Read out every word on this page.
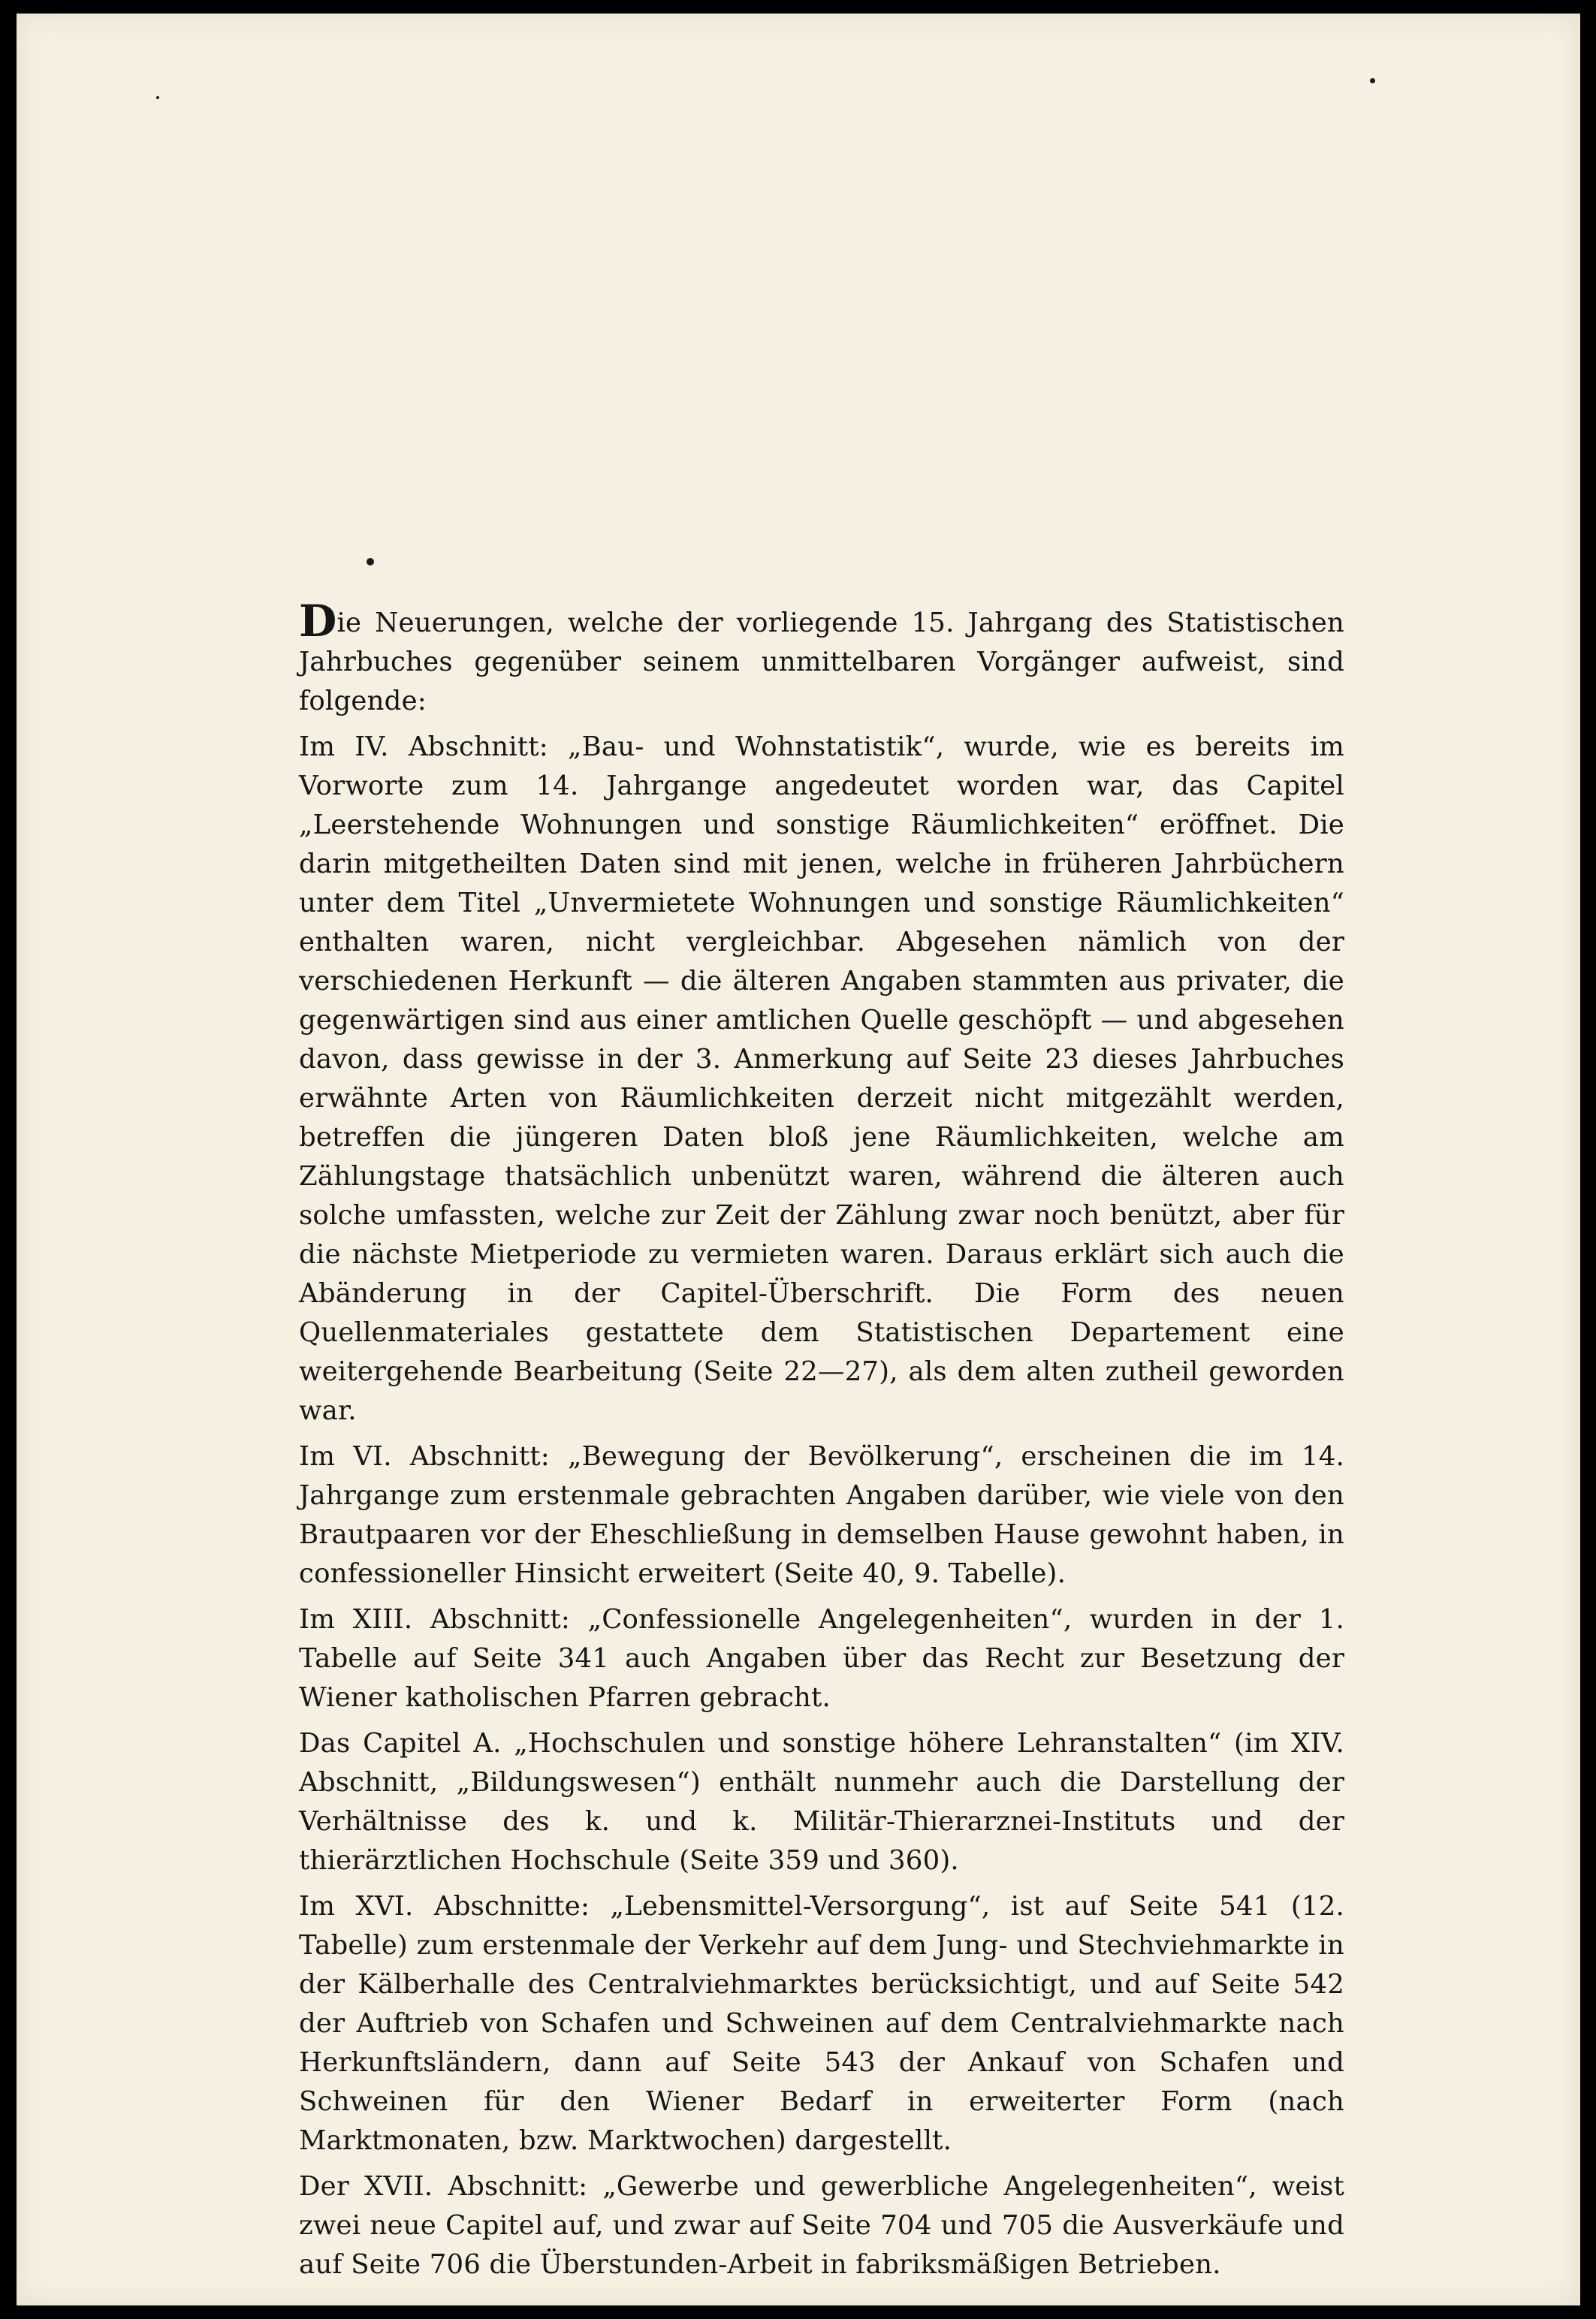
Die Neuerungen, welche der vorliegende 15. Jahrgang des Statistischen Jahrbuches gegenüber seinem unmittelbaren Vorgänger aufweist, sind folgende:

Im IV. Abschnitt: „Bau- und Wohnstatistik“, wurde, wie es bereits im Vorworte zum 14. Jahrgange angedeutet worden war, das Capitel „Leerstehende Wohnungen und sonstige Räumlichkeiten“ eröffnet. Die darin mitgetheilten Daten sind mit jenen, welche in früheren Jahrbüchern unter dem Titel „Unvermietete Wohnungen und sonstige Räumlichkeiten“ enthalten waren, nicht vergleichbar. Abgesehen nämlich von der verschiedenen Herkunft — die älteren Angaben stammten aus privater, die gegenwärtigen sind aus einer amtlichen Quelle geschöpft — und abgesehen davon, dass gewisse in der 3. Anmerkung auf Seite 23 dieses Jahrbuches erwähnte Arten von Räumlichkeiten derzeit nicht mitgezählt werden, betreffen die jüngeren Daten bloß jene Räumlichkeiten, welche am Zählungstage thatsächlich unbenützt waren, während die älteren auch solche umfassten, welche zur Zeit der Zählung zwar noch benützt, aber für die nächste Mietperiode zu vermieten waren. Daraus erklärt sich auch die Abänderung in der Capitel-Überschrift. Die Form des neuen Quellenmateriales gestattete dem Statistischen Departement eine weitergehende Bearbeitung (Seite 22—27), als dem alten zutheil geworden war.

Im VI. Abschnitt: „Bewegung der Bevölkerung“, erscheinen die im 14. Jahrgange zum erstenmale gebrachten Angaben darüber, wie viele von den Brautpaaren vor der Eheschließung in demselben Hause gewohnt haben, in confessioneller Hinsicht erweitert (Seite 40, 9. Tabelle).

Im XIII. Abschnitt: „Confessionelle Angelegenheiten“, wurden in der 1. Tabelle auf Seite 341 auch Angaben über das Recht zur Besetzung der Wiener katholischen Pfarren gebracht.

Das Capitel A. „Hochschulen und sonstige höhere Lehranstalten“ (im XIV. Abschnitt, „Bildungswesen“) enthält nunmehr auch die Darstellung der Verhältnisse des k. und k. Militär-Thierarznei-Instituts und der thierärztlichen Hochschule (Seite 359 und 360).

Im XVI. Abschnitte: „Lebensmittel-Versorgung“, ist auf Seite 541 (12. Tabelle) zum erstenmale der Verkehr auf dem Jung- und Stechviehmarkte in der Kälberhalle des Centralviehmarktes berücksichtigt, und auf Seite 542 der Auftrieb von Schafen und Schweinen auf dem Centralviehmarkte nach Herkunftsländern, dann auf Seite 543 der Ankauf von Schafen und Schweinen für den Wiener Bedarf in erweiterter Form (nach Marktmonaten, bzw. Marktwochen) dargestellt.

Der XVII. Abschnitt: „Gewerbe und gewerbliche Angelegenheiten“, weist zwei neue Capitel auf, und zwar auf Seite 704 und 705 die Ausverkäufe und auf Seite 706 die Überstunden-Arbeit in fabriksmäßigen Betrieben.
